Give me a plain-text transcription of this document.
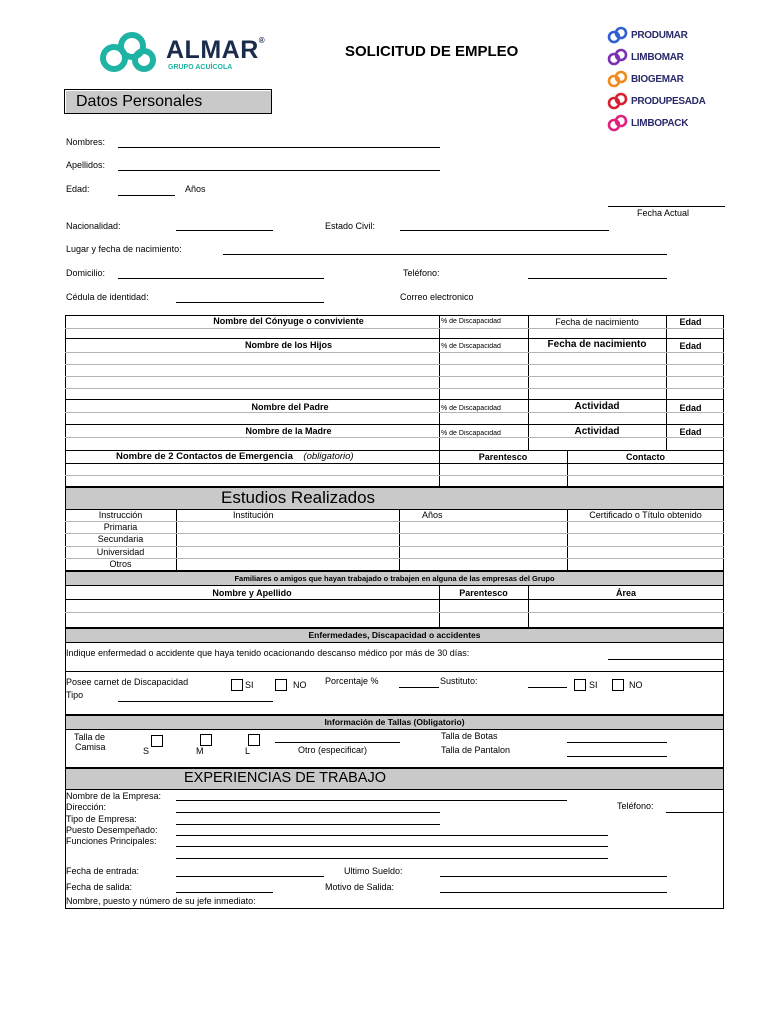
ALMAR®
GRUPO ACUÍCOLA
SOLICITUD DE EMPLEO
PRODUMAR
LIMBOMAR
BIOGEMAR
PRODUPESADA
LIMBOPACK
Datos Personales
Nombres:
Apellidos:
Edad:	Años
Fecha Actual
Nacionalidad:	Estado Civil:
Lugar y fecha de nacimiento:
Domicilio:	Teléfono:
Cédula de identidad:	Correo electronico
Nombre del Cónyuge o conviviente	% de Discapacidad	Fecha de nacimiento	Edad
Nombre de los Hijos	% de Discapacidad	Fecha de nacimiento	Edad
Nombre del Padre	% de Discapacidad	Actividad	Edad
Nombre de la Madre	% de Discapacidad	Actividad	Edad
Nombre de 2 Contactos de Emergencia (obligatorio)	Parentesco	Contacto
Estudios Realizados
Instrucción	Institución	Años	Certificado o Título obtenido
Primaria
Secundaria
Universidad
Otros
Familiares o amigos que hayan trabajado o trabajen en alguna de las empresas del Grupo
Nombre y Apellido	Parentesco	Área
Enfermedades, Discapacidad o accidentes
Indique enfermedad o accidente que haya tenido ocacionando descanso médico por más de 30 días:
Posee carnet de Discapacidad	SI	NO Porcentaje %	Sustituto:	SI	NO
Tipo
Información de Tallas (Obligatorio)
Talla de
Camisa	S	M	L	Otro (especificar)
Talla de Botas
Talla de Pantalon
EXPERIENCIAS DE TRABAJO
Nombre de la Empresa:
Dirección:	Teléfono:
Tipo de Empresa:
Puesto Desempeñado:
Funciones Principales:
Fecha de entrada:	Ultimo Sueldo:
Fecha de salida:	Motivo de Salida:
Nombre, puesto y número de su jefe inmediato:
